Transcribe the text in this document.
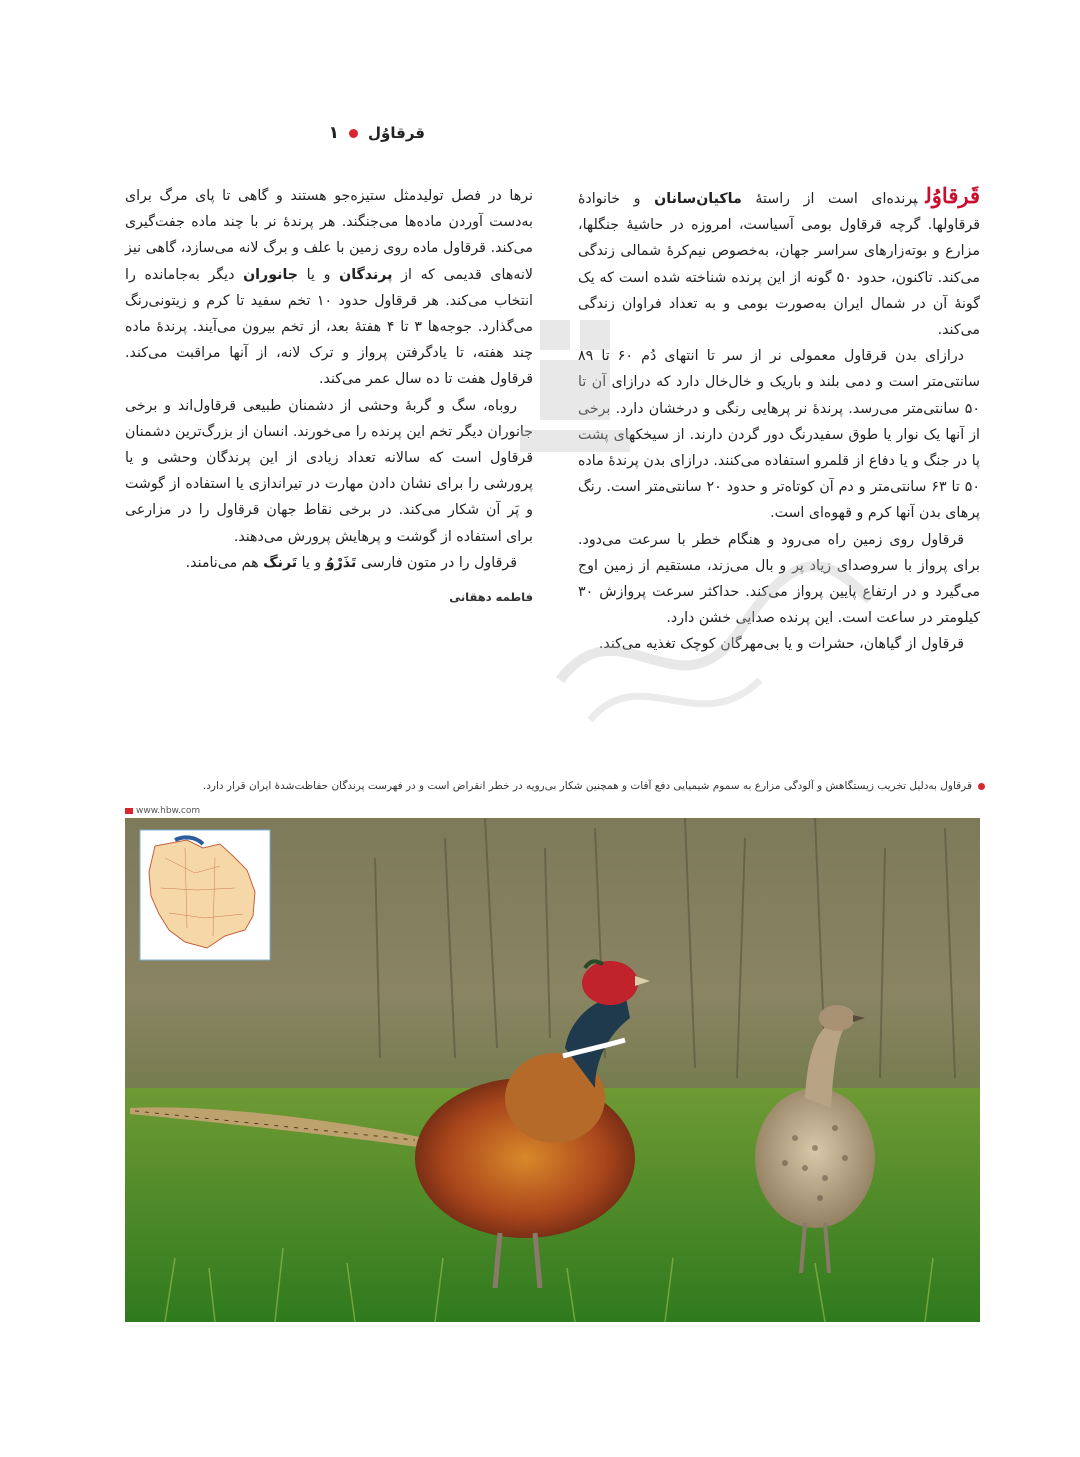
۱ قرقاوُل

قَرقاوُلپرنده‌ای است از راستهٔ ماکیان‌سانان و خانوادهٔ قرقاولها. گرچه قرقاول بومی آسیاست، امروزه در حاشیهٔ جنگلها، مزارع و بوته‌زارهای سراسر جهان، به‌خصوص نیم‌کرهٔ شمالی زندگی می‌کند. تاکنون، حدود ۵۰ گونه از این پرنده شناخته شده است که یک گونهٔ آن در شمال ایران به‌صورت بومی و به تعداد فراوان زندگی می‌کند.

درازای بدن قرقاول معمولی نر از سر تا انتهای دُم ۶۰ تا ۸۹ سانتی‌متر است و دمی بلند و باریک و خال‌خال دارد که درازای آن تا ۵۰ سانتی‌متر می‌رسد. پرندهٔ نر پرهایی رنگی و درخشان دارد. برخی از آنها یک نوار یا طوق سفیدرنگ دور گردن دارند. از سیخکهای پشت پا در جنگ و یا دفاع از قلمرو استفاده می‌کنند. درازای بدن پرندهٔ ماده ۵۰ تا ۶۳ سانتی‌متر و دم آن کوتاه‌تر و حدود ۲۰ سانتی‌متر است. رنگ پرهای بدن آنها کرم و قهوه‌ای است.

قرقاول روی زمین راه می‌رود و هنگام خطر با سرعت می‌دود. برای پرواز با سروصدای زیاد پر و بال می‌زند، مستقیم از زمین اوج می‌گیرد و در ارتفاع پایین پرواز می‌کند. حداکثر سرعت پروازش ۳۰ کیلومتر در ساعت است. این پرنده صدایی خشن دارد.

قرقاول از گیاهان، حشرات و یا بی‌مهرگان کوچک تغذیه می‌کند.

نرها در فصل تولیدمثل ستیزه‌جو هستند و گاهی تا پای مرگ برای به‌دست آوردن ماده‌ها می‌جنگند. هر پرندهٔ نر با چند ماده جفت‌گیری می‌کند. قرقاول ماده روی زمین با علف و برگ لانه می‌سازد، گاهی نیز لانه‌های قدیمی که از پرندگان و یا جانوران دیگر به‌جامانده را انتخاب می‌کند. هر قرقاول حدود ۱۰ تخم سفید تا کرم و زیتونی‌رنگ می‌گذارد. جوجه‌ها ۳ تا ۴ هفتهٔ بعد، از تخم بیرون می‌آیند. پرندهٔ ماده چند هفته، تا یادگرفتن پرواز و ترک لانه، از آنها مراقبت می‌کند. قرقاول هفت تا ده سال عمر می‌کند.

روباه، سگ و گربهٔ وحشی از دشمنان طبیعی قرقاول‌اند و برخی جانوران دیگر تخم این پرنده را می‌خورند. انسان از بزرگ‌ترین دشمنان قرقاول است که سالانه تعداد زیادی از این پرندگان وحشی و یا پرورشی را برای نشان دادن مهارت در تیراندازی یا استفاده از گوشت و پَر آن شکار می‌کند. در برخی نقاط جهان قرقاول را در مزارعی برای استفاده از گوشت و پرهایش پرورش می‌دهند.

قرقاول را در متون فارسی تَذَرْوُ و یا تَرنگ هم می‌نامند.

فاطمه دهقانی
قرقاول به‌دلیل تخریب زیستگاهش و آلودگی مزارع به سموم شیمیایی دفع آفات و همچنین شکار بی‌رویه در خطر انقراض است و در فهرست پرندگان حفاظت‌شدهٔ ایران قرار دارد.
www.hbw.com
